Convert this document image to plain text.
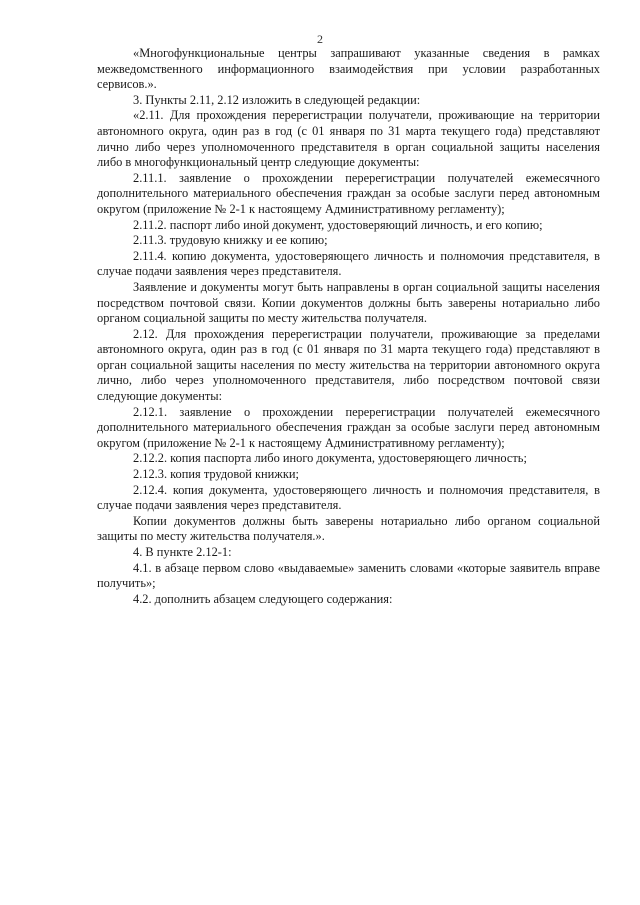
2

«Многофункциональные центры запрашивают указанные сведения в рамках межведомственного информационного взаимодействия при условии разработанных сервисов.».

3. Пункты 2.11, 2.12 изложить в следующей редакции:

«2.11. Для прохождения перерегистрации получатели, проживающие на территории автономного округа, один раз в год (с 01 января по 31 марта текущего года) представляют лично либо через уполномоченного представителя в орган социальной защиты населения либо в многофункциональный центр следующие документы:

2.11.1. заявление о прохождении перерегистрации получателей ежемесячного дополнительного материального обеспечения граждан за особые заслуги перед автономным округом (приложение № 2-1 к настоящему Административному регламенту);

2.11.2. паспорт либо иной документ, удостоверяющий личность, и его копию;

2.11.3. трудовую книжку и ее копию;

2.11.4. копию документа, удостоверяющего личность и полномочия представителя, в случае подачи заявления через представителя.

Заявление и документы могут быть направлены в орган социальной защиты населения посредством почтовой связи. Копии документов должны быть заверены нотариально либо органом социальной защиты по месту жительства получателя.

2.12. Для прохождения перерегистрации получатели, проживающие за пределами автономного округа, один раз в год (с 01 января по 31 марта текущего года) представляют в орган социальной защиты населения по месту жительства на территории автономного округа лично, либо через уполномоченного представителя, либо посредством почтовой связи следующие документы:

2.12.1. заявление о прохождении перерегистрации получателей ежемесячного дополнительного материального обеспечения граждан за особые заслуги перед автономным округом (приложение № 2-1 к настоящему Административному регламенту);

2.12.2. копия паспорта либо иного документа, удостоверяющего личность;

2.12.3. копия трудовой книжки;

2.12.4. копия документа, удостоверяющего личность и полномочия представителя, в случае подачи заявления через представителя.

Копии документов должны быть заверены нотариально либо органом социальной защиты по месту жительства получателя.».

4. В пункте 2.12-1:

4.1. в абзаце первом слово «выдаваемые» заменить словами «которые заявитель вправе получить»;

4.2. дополнить абзацем следующего содержания:
